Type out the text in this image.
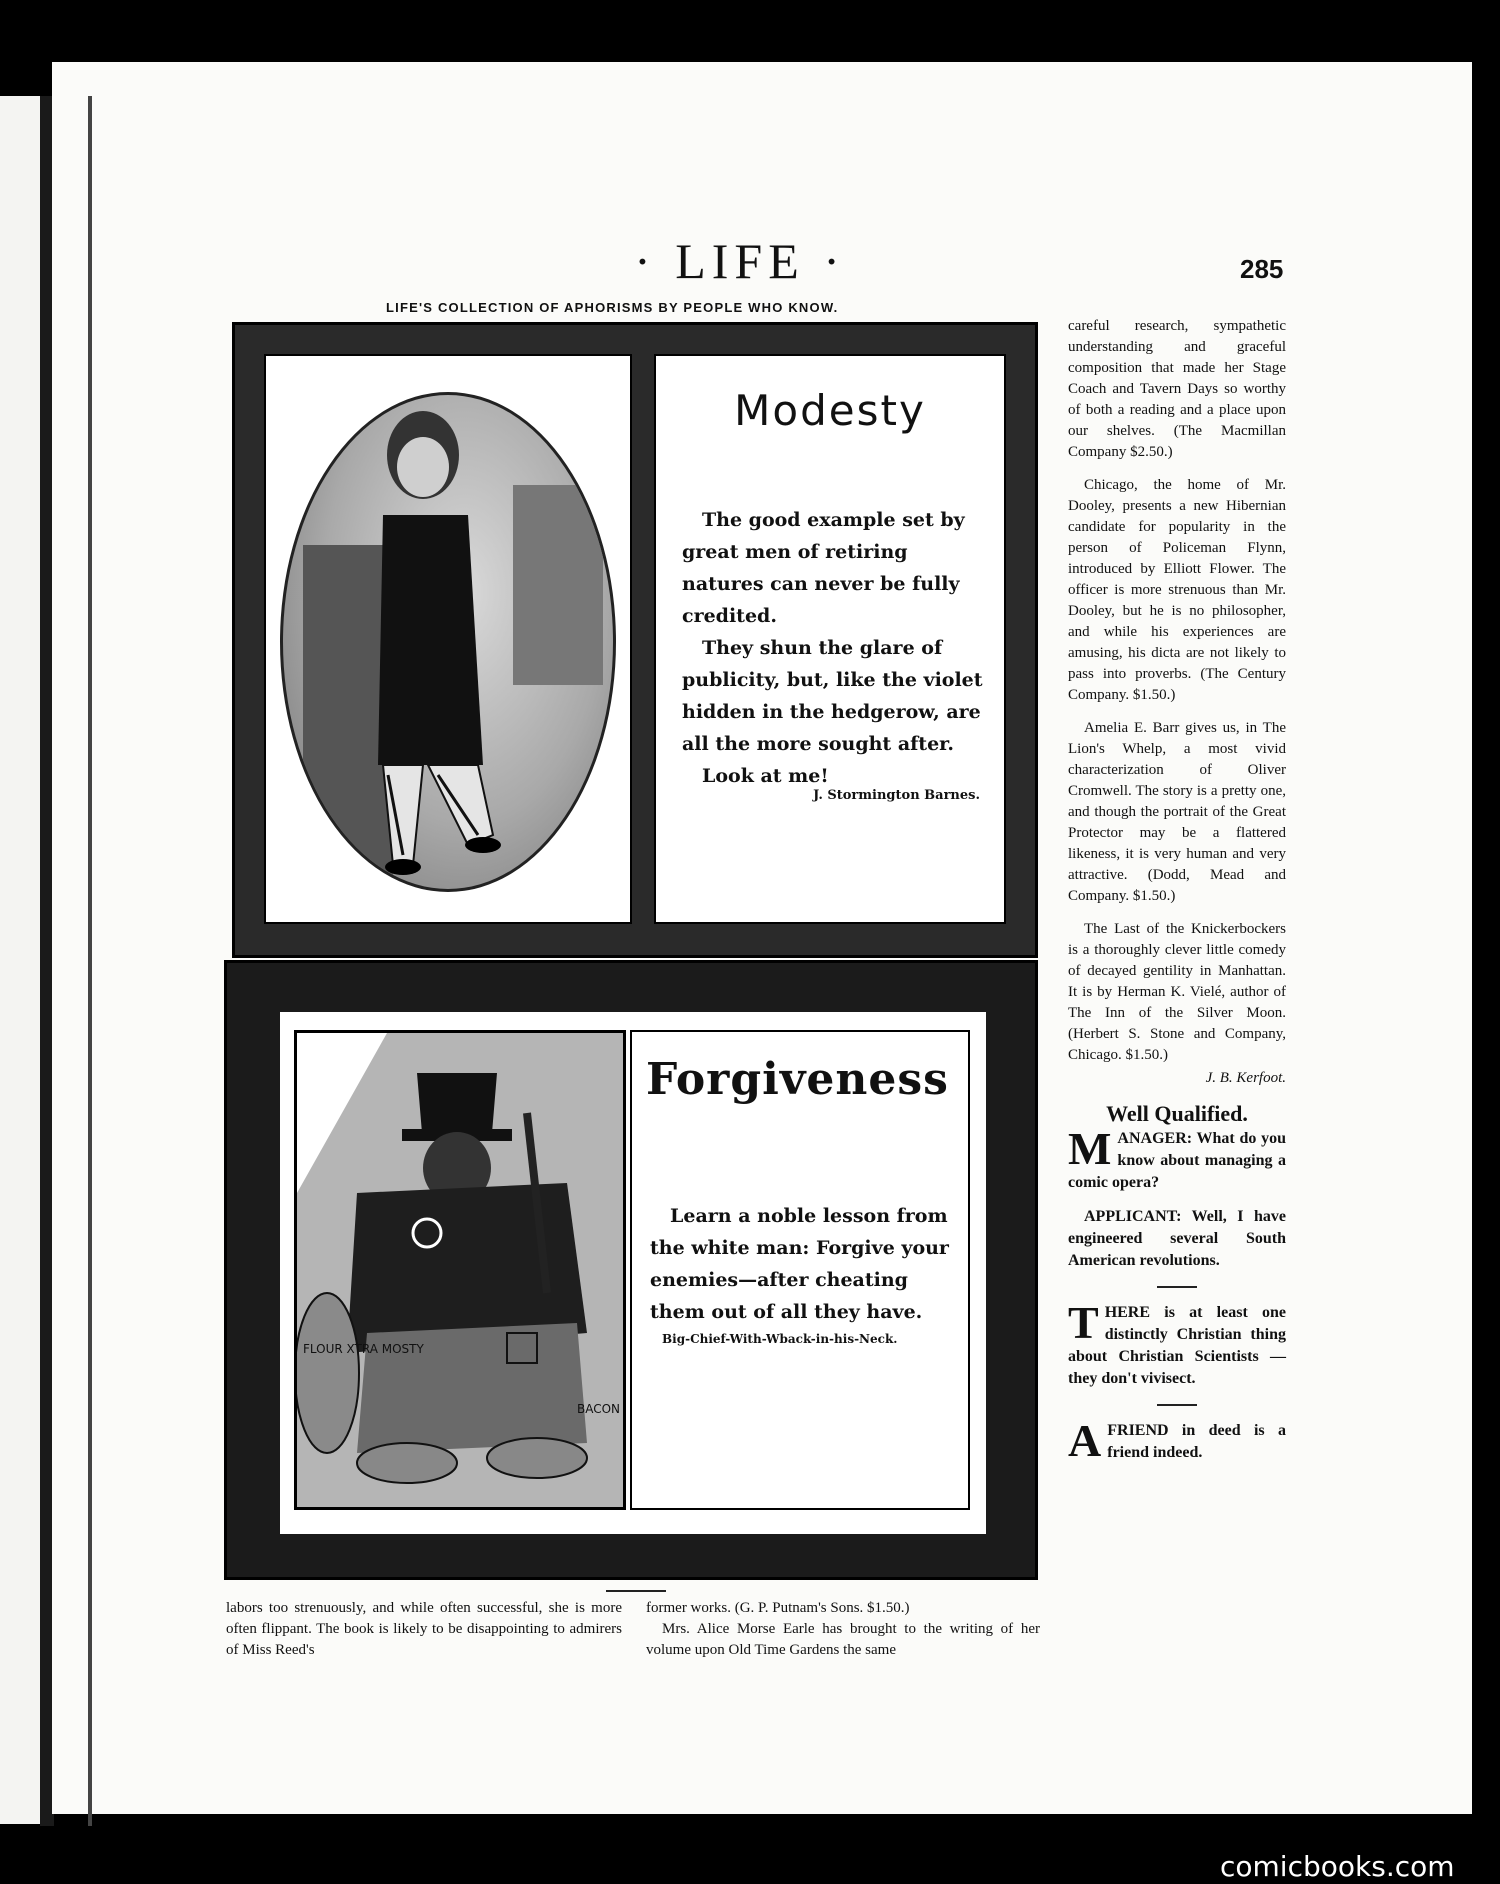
· LIFE ·	285
LIFE'S COLLECTION OF APHORISMS BY PEOPLE WHO KNOW.
Modesty

The good example set by great men of retiring natures can never be fully credited.

They shun the glare of publicity, but, like the violet hidden in the hedgerow, are all the more sought after.

Look at me!

J. Stormington Barnes.
FLOUR XTRA MOSTY
BACON
Forgiveness
Learn a noble lesson from the white man: Forgive your enemies—after cheating them out of all they have.
Big-Chief-With-Wback-in-his-Neck.

careful research, sympathetic understanding and graceful composition that made her Stage Coach and Tavern Days so worthy of both a reading and a place upon our shelves. (The Macmillan Company $2.50.)

Chicago, the home of Mr. Dooley, presents a new Hibernian candidate for popularity in the person of Policeman Flynn, introduced by Elliott Flower. The officer is more strenuous than Mr. Dooley, but he is no philosopher, and while his experiences are amusing, his dicta are not likely to pass into proverbs. (The Century Company. $1.50.)

Amelia E. Barr gives us, in The Lion's Whelp, a most vivid characterization of Oliver Cromwell. The story is a pretty one, and though the portrait of the Great Protector may be a flattered likeness, it is very human and very attractive. (Dodd, Mead and Company. $1.50.)

The Last of the Knickerbockers is a thoroughly clever little comedy of decayed gentility in Manhattan. It is by Herman K. Vielé, author of The Inn of the Silver Moon. (Herbert S. Stone and Company, Chicago. $1.50.)

J. B. Kerfoot.

Well Qualified.

MANAGER: What do you know about managing a comic opera?

APPLICANT: Well, I have engineered several South American revolutions.

THERE is at least one distinctly Christian thing about Christian Scientists — they don't vivisect.

AFRIEND in deed is a friend indeed.

labors too strenuously, and while often successful, she is more often flippant. The book is likely to be disappointing to admirers of Miss Reed's
former works. (G. P. Putnam's Sons. $1.50.)
Mrs. Alice Morse Earle has brought to the writing of her volume upon Old Time Gardens the same
comicbooks.com
